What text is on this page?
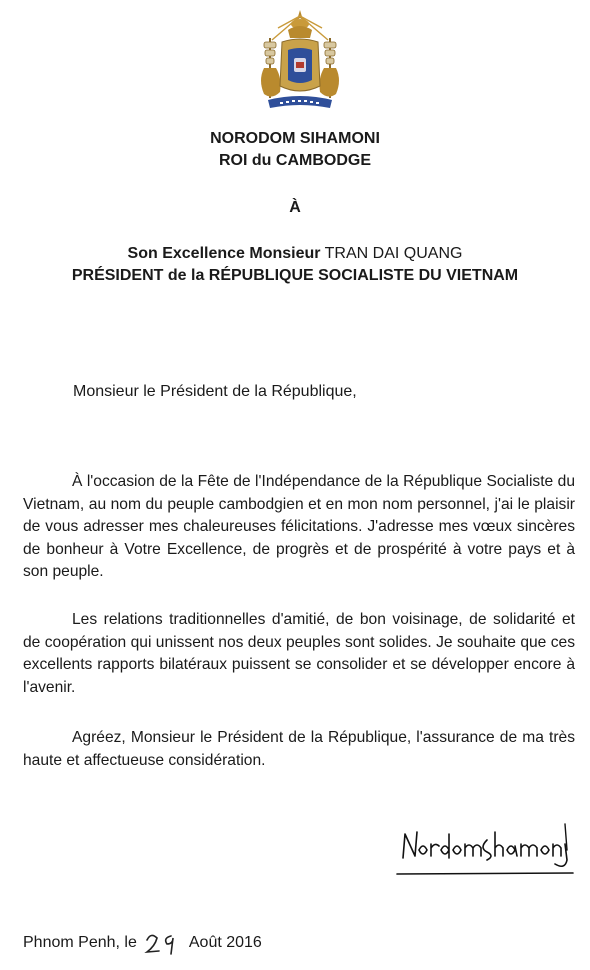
NORODOM SIHAMONI
ROI du CAMBODGE
À
Son Excellence Monsieur TRAN DAI QUANG
PRÉSIDENT de la RÉPUBLIQUE SOCIALISTE DU VIETNAM
Monsieur le Président de la République,

À l'occasion de la Fête de l'Indépendance de la République Socialiste du Vietnam, au nom du peuple cambodgien et en mon nom personnel, j'ai le plaisir de vous adresser mes chaleureuses félicitations. J'adresse mes vœux sincères de bonheur à Votre Excellence, de progrès et de prospérité à votre pays et à son peuple.

Les relations traditionnelles d'amitié, de bon voisinage, de solidarité et de coopération qui unissent nos deux peuples sont solides. Je souhaite que ces excellents rapports bilatéraux puissent se consolider et se développer encore à l'avenir.

Agréez, Monsieur le Président de la République, l'assurance de ma très haute et affectueuse considération.

Phnom Penh, le	Août 2016
